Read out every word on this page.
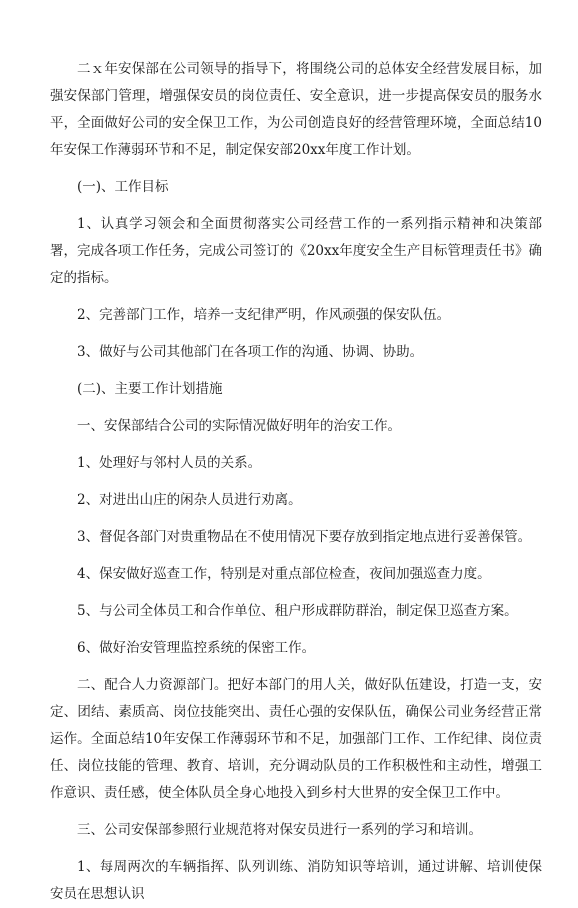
二ｘ年安保部在公司领导的指导下，将围绕公司的总体安全经营发展目标，加强安保部门管理，增强保安员的岗位责任、安全意识，进一步提高保安员的服务水平，全面做好公司的安全保卫工作，为公司创造良好的经营管理环境，全面总结10年安保工作薄弱环节和不足，制定保安部20xx年度工作计划。

(一)、工作目标

1、认真学习领会和全面贯彻落实公司经营工作的一系列指示精神和决策部署，完成各项工作任务，完成公司签订的《20xx年度安全生产目标管理责任书》确定的指标。

2、完善部门工作，培养一支纪律严明，作风顽强的保安队伍。

3、做好与公司其他部门在各项工作的沟通、协调、协助。

(二)、主要工作计划措施

一、安保部结合公司的实际情况做好明年的治安工作。

1、处理好与邻村人员的关系。

2、对进出山庄的闲杂人员进行劝离。

3、督促各部门对贵重物品在不使用情况下要存放到指定地点进行妥善保管。

4、保安做好巡查工作，特别是对重点部位检查，夜间加强巡查力度。

5、与公司全体员工和合作单位、租户形成群防群治，制定保卫巡查方案。

6、做好治安管理监控系统的保密工作。

二、配合人力资源部门。把好本部门的用人关，做好队伍建设，打造一支，安定、团结、素质高、岗位技能突出、责任心强的安保队伍，确保公司业务经营正常运作。全面总结10年安保工作薄弱环节和不足，加强部门工作、工作纪律、岗位责任、岗位技能的管理、教育、培训，充分调动队员的工作积极性和主动性，增强工作意识、责任感，使全体队员全身心地投入到乡村大世界的安全保卫工作中。

三、公司安保部参照行业规范将对保安员进行一系列的学习和培训。

1、每周两次的车辆指挥、队列训练、消防知识等培训，通过讲解、培训使保安员在思想认识
